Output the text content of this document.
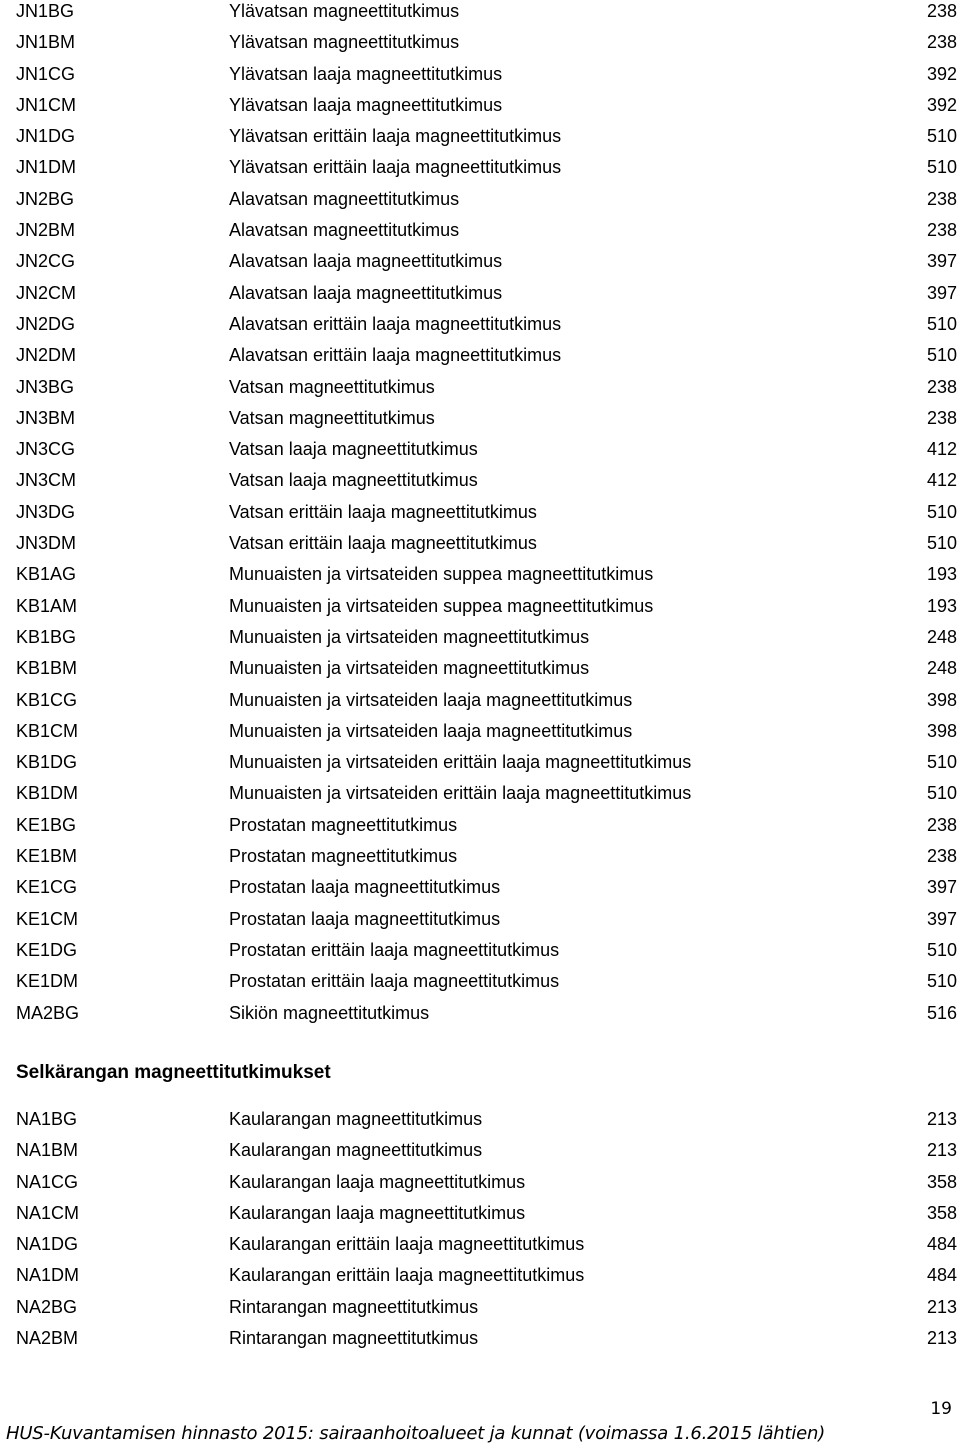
JN1BG	Ylävatsan magneettitutkimus	238
JN1BM	Ylävatsan magneettitutkimus	238
JN1CG	Ylävatsan laaja magneettitutkimus	392
JN1CM	Ylävatsan laaja magneettitutkimus	392
JN1DG	Ylävatsan erittäin laaja magneettitutkimus	510
JN1DM	Ylävatsan erittäin laaja magneettitutkimus	510
JN2BG	Alavatsan magneettitutkimus	238
JN2BM	Alavatsan magneettitutkimus	238
JN2CG	Alavatsan laaja magneettitutkimus	397
JN2CM	Alavatsan laaja magneettitutkimus	397
JN2DG	Alavatsan erittäin laaja magneettitutkimus	510
JN2DM	Alavatsan erittäin laaja magneettitutkimus	510
JN3BG	Vatsan magneettitutkimus	238
JN3BM	Vatsan magneettitutkimus	238
JN3CG	Vatsan laaja magneettitutkimus	412
JN3CM	Vatsan laaja magneettitutkimus	412
JN3DG	Vatsan erittäin laaja magneettitutkimus	510
JN3DM	Vatsan erittäin laaja magneettitutkimus	510
KB1AG	Munuaisten ja virtsateiden suppea magneettitutkimus	193
KB1AM	Munuaisten ja virtsateiden suppea magneettitutkimus	193
KB1BG	Munuaisten ja virtsateiden magneettitutkimus	248
KB1BM	Munuaisten ja virtsateiden magneettitutkimus	248
KB1CG	Munuaisten ja virtsateiden laaja magneettitutkimus	398
KB1CM	Munuaisten ja virtsateiden laaja magneettitutkimus	398
KB1DG	Munuaisten ja virtsateiden erittäin laaja magneettitutkimus	510
KB1DM	Munuaisten ja virtsateiden erittäin laaja magneettitutkimus	510
KE1BG	Prostatan magneettitutkimus	238
KE1BM	Prostatan magneettitutkimus	238
KE1CG	Prostatan laaja magneettitutkimus	397
KE1CM	Prostatan laaja magneettitutkimus	397
KE1DG	Prostatan erittäin laaja magneettitutkimus	510
KE1DM	Prostatan erittäin laaja magneettitutkimus	510
MA2BG	Sikiön magneettitutkimus	516
Selkärangan magneettitutkimukset
NA1BG	Kaularangan magneettitutkimus	213
NA1BM	Kaularangan magneettitutkimus	213
NA1CG	Kaularangan laaja magneettitutkimus	358
NA1CM	Kaularangan laaja magneettitutkimus	358
NA1DG	Kaularangan erittäin laaja magneettitutkimus	484
NA1DM	Kaularangan erittäin laaja magneettitutkimus	484
NA2BG	Rintarangan magneettitutkimus	213
NA2BM	Rintarangan magneettitutkimus	213
19
HUS-Kuvantamisen hinnasto 2015: sairaanhoitoalueet ja kunnat (voimassa 1.6.2015 lähtien)
